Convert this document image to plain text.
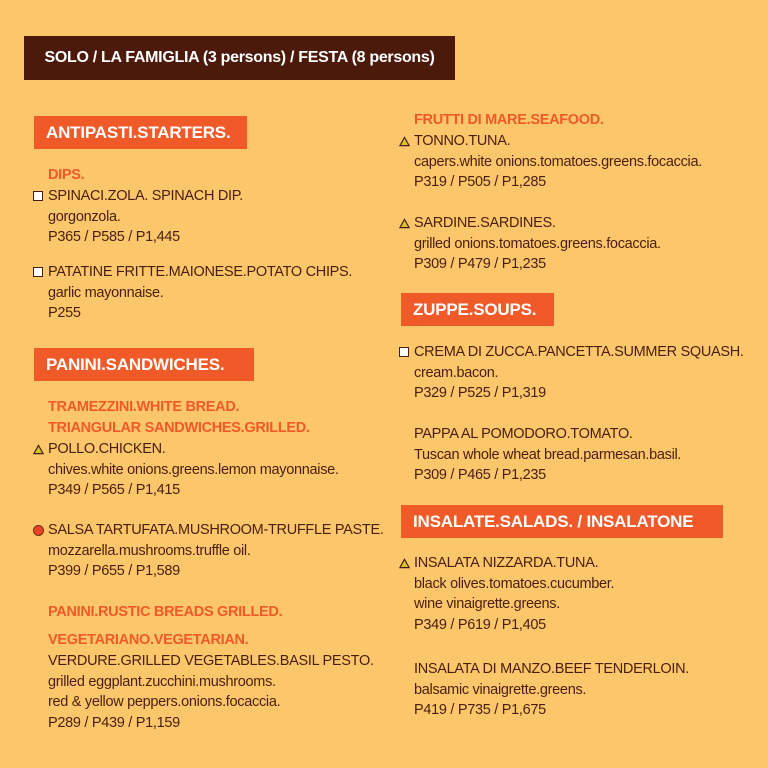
SOLO / LA FAMIGLIA (3 persons) / FESTA (8 persons)
ANTIPASTI.STARTERS.
DIPS.
SPINACI.ZOLA. SPINACH DIP.
gorgonzola.
P365 / P585 / P1,445
PATATINE FRITTE.MAIONESE.POTATO CHIPS.
garlic mayonnaise.
P255
PANINI.SANDWICHES.
TRAMEZZINI.WHITE BREAD.
TRIANGULAR SANDWICHES.GRILLED.
POLLO.CHICKEN.
chives.white onions.greens.lemon mayonnaise.
P349 / P565 / P1,415
SALSA TARTUFATA.MUSHROOM-TRUFFLE PASTE.
mozzarella.mushrooms.truffle oil.
P399 / P655 / P1,589
PANINI.RUSTIC BREADS GRILLED.
VEGETARIANO.VEGETARIAN.
VERDURE.GRILLED VEGETABLES.BASIL PESTO.
grilled eggplant.zucchini.mushrooms.
red & yellow peppers.onions.focaccia.
P289 / P439 / P1,159
FRUTTI DI MARE.SEAFOOD.
TONNO.TUNA.
capers.white onions.tomatoes.greens.focaccia.
P319 / P505 / P1,285
SARDINE.SARDINES.
grilled onions.tomatoes.greens.focaccia.
P309 / P479 / P1,235
ZUPPE.SOUPS.
CREMA DI ZUCCA.PANCETTA.SUMMER SQUASH.
cream.bacon.
P329 / P525 / P1,319
PAPPA AL POMODORO.TOMATO.
Tuscan whole wheat bread.parmesan.basil.
P309 / P465 / P1,235
INSALATE.SALADS. / INSALATONE
INSALATA NIZZARDA.TUNA.
black olives.tomatoes.cucumber.
wine vinaigrette.greens.
P349 / P619 / P1,405
INSALATA DI MANZO.BEEF TENDERLOIN.
balsamic vinaigrette.greens.
P419 / P735 / P1,675
